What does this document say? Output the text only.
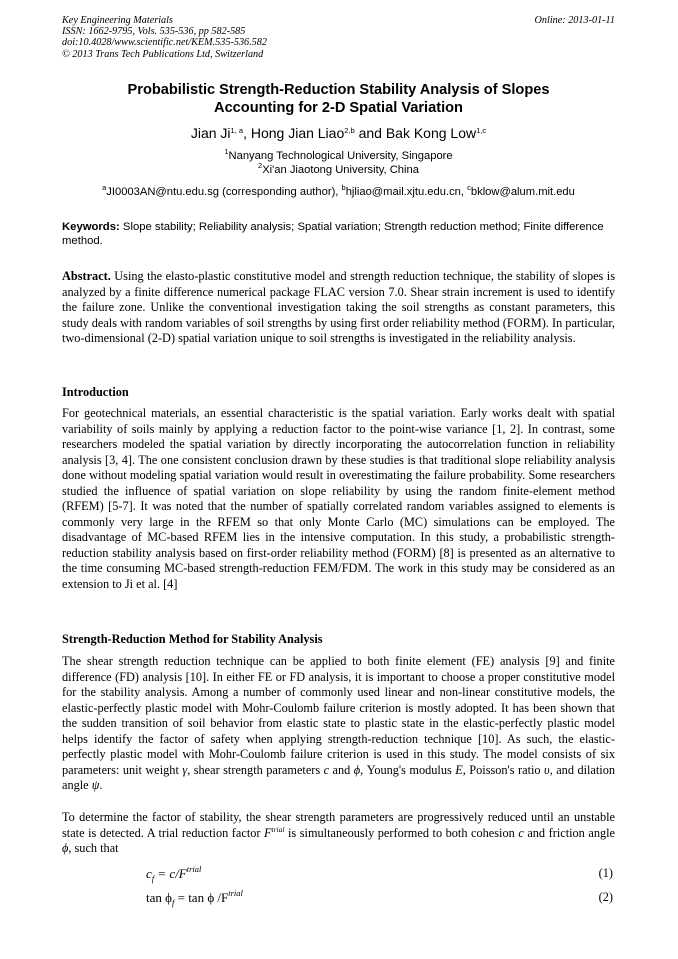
Key Engineering Materials
ISSN: 1662-9795, Vols. 535-536, pp 582-585
doi:10.4028/www.scientific.net/KEM.535-536.582
© 2013 Trans Tech Publications Ltd, Switzerland
Online: 2013-01-11
Probabilistic Strength-Reduction Stability Analysis of Slopes
Accounting for 2-D Spatial Variation
Jian Ji$^{1, a}$, Hong Jian Liao$^{2,b}$ and Bak Kong Low$^{1,c}$
$^1$Nanyang Technological University, Singapore
$^2$Xi'an Jiaotong University, China
$^a$JI0003AN@ntu.edu.sg (corresponding author), $^b$hjliao@mail.xjtu.edu.cn, $^c$bklow@alum.mit.edu
Keywords: Slope stability; Reliability analysis; Spatial variation; Strength reduction method; Finite difference method.
Abstract. Using the elasto-plastic constitutive model and strength reduction technique, the stability of slopes is analyzed by a finite difference numerical package FLAC version 7.0. Shear strain increment is used to identify the failure zone. Unlike the conventional investigation taking the soil strengths as constant parameters, this study deals with random variables of soil strengths by using first order reliability method (FORM). In particular, two-dimensional (2-D) spatial variation unique to soil strengths is investigated in the reliability analysis.
Introduction
For geotechnical materials, an essential characteristic is the spatial variation. Early works dealt with spatial variability of soils mainly by applying a reduction factor to the point-wise variance [1, 2]. In contrast, some researchers modeled the spatial variation by directly incorporating the autocorrelation function in reliability analysis [3, 4]. The one consistent conclusion drawn by these studies is that traditional slope reliability analysis done without modeling spatial variation would result in overestimating the failure probability. Some researchers studied the influence of spatial variation on slope reliability by using the random finite-element method (RFEM) [5-7]. It was noted that the number of spatially correlated random variables assigned to elements is commonly very large in the RFEM so that only Monte Carlo (MC) simulations can be employed. The disadvantage of MC-based RFEM lies in the intensive computation. In this study, a probabilistic strength-reduction stability analysis based on first-order reliability method (FORM) [8] is presented as an alternative to the time consuming MC-based strength-reduction FEM/FDM. The work in this study may be considered as an extension to Ji et al. [4]
Strength-Reduction Method for Stability Analysis
The shear strength reduction technique can be applied to both finite element (FE) analysis [9] and finite difference (FD) analysis [10]. In either FE or FD analysis, it is important to choose a proper constitutive model for the stability analysis. Among a number of commonly used linear and non-linear constitutive models, the elastic-perfectly plastic model with Mohr-Coulomb failure criterion is mostly adopted. It has been shown that the sudden transition of soil behavior from elastic state to plastic state in the elastic-perfectly plastic model helps identify the factor of safety when applying strength-reduction technique [10]. As such, the elastic-perfectly plastic model with Mohr-Coulomb failure criterion is used in this study. The model consists of six parameters: unit weight γ, shear strength parameters c and ϕ, Young's modulus E, Poisson's ratio υ, and dilation angle ψ.
To determine the factor of stability, the shear strength parameters are progressively reduced until an unstable state is detected. A trial reduction factor $F^{trial}$ is simultaneously performed to both cohesion c and friction angle ϕ, such that
$c_f = c/F^{trial}$	(1)
$\tan \phi_f = \tan \phi$ $/F^{trial}$	(2)
